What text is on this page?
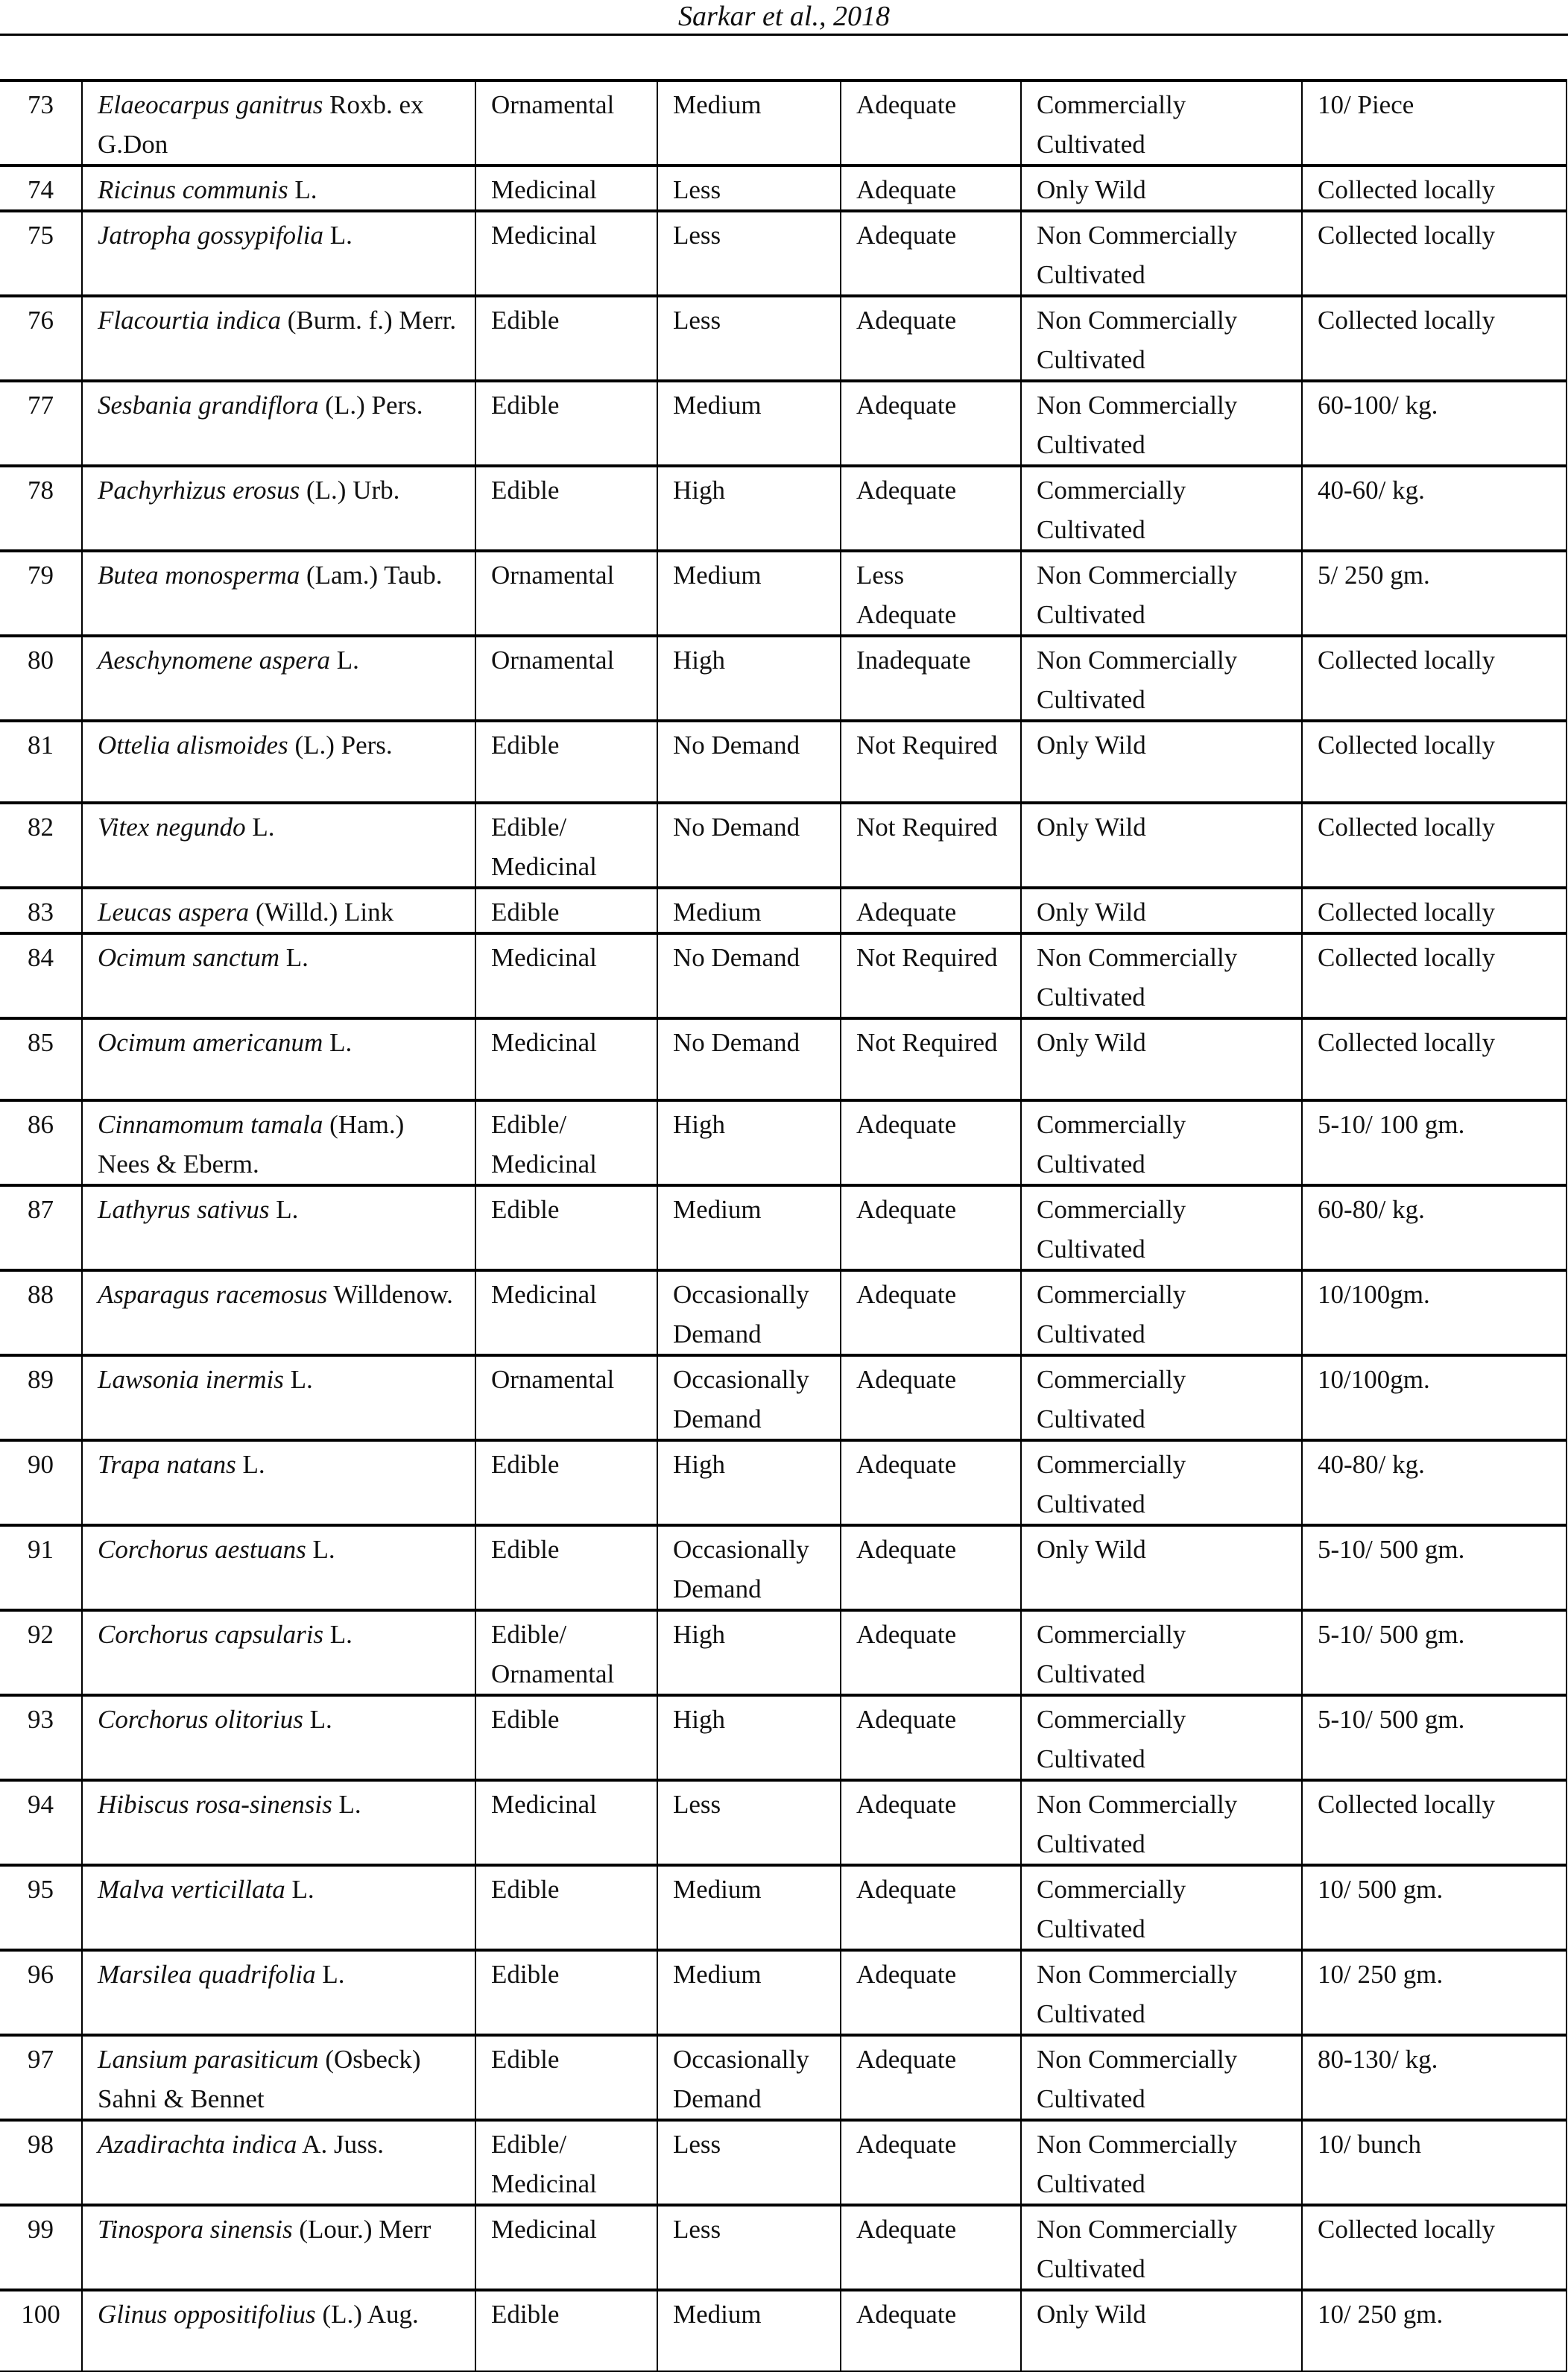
Sarkar et al., 2018
73	Elaeocarpus ganitrus Roxb. ex G.Don	Ornamental	Medium	Adequate	Commercially Cultivated	10/ Piece
74	Ricinus communis L.	Medicinal	Less	Adequate	Only Wild	Collected locally
75	Jatropha gossypifolia L.	Medicinal	Less	Adequate	Non Commercially Cultivated	Collected locally
76	Flacourtia indica (Burm. f.) Merr.	Edible	Less	Adequate	Non Commercially Cultivated	Collected locally
77	Sesbania grandiflora (L.) Pers.	Edible	Medium	Adequate	Non Commercially Cultivated	60-100/ kg.
78	Pachyrhizus erosus (L.) Urb.	Edible	High	Adequate	Commercially Cultivated	40-60/ kg.
79	Butea monosperma (Lam.) Taub.	Ornamental	Medium	Less Adequate	Non Commercially Cultivated	5/ 250 gm.
80	Aeschynomene aspera L.	Ornamental	High	Inadequate	Non Commercially Cultivated	Collected locally
81	Ottelia alismoides (L.) Pers.	Edible	No Demand	Not Required	Only Wild	Collected locally
82	Vitex negundo L.	Edible/ Medicinal	No Demand	Not Required	Only Wild	Collected locally
83	Leucas aspera (Willd.) Link	Edible	Medium	Adequate	Only Wild	Collected locally
84	Ocimum sanctum L.	Medicinal	No Demand	Not Required	Non Commercially Cultivated	Collected locally
85	Ocimum americanum L.	Medicinal	No Demand	Not Required	Only Wild	Collected locally
86	Cinnamomum tamala (Ham.) Nees & Eberm.	Edible/ Medicinal	High	Adequate	Commercially Cultivated	5-10/ 100 gm.
87	Lathyrus sativus L.	Edible	Medium	Adequate	Commercially Cultivated	60-80/ kg.
88	Asparagus racemosus Willdenow.	Medicinal	Occasionally Demand	Adequate	Commercially Cultivated	10/100gm.
89	Lawsonia inermis L.	Ornamental	Occasionally Demand	Adequate	Commercially Cultivated	10/100gm.
90	Trapa natans L.	Edible	High	Adequate	Commercially Cultivated	40-80/ kg.
91	Corchorus aestuans L.	Edible	Occasionally Demand	Adequate	Only Wild	5-10/ 500 gm.
92	Corchorus capsularis L.	Edible/ Ornamental	High	Adequate	Commercially Cultivated	5-10/ 500 gm.
93	Corchorus olitorius L.	Edible	High	Adequate	Commercially Cultivated	5-10/ 500 gm.
94	Hibiscus rosa-sinensis L.	Medicinal	Less	Adequate	Non Commercially Cultivated	Collected locally
95	Malva verticillata L.	Edible	Medium	Adequate	Commercially Cultivated	10/ 500 gm.
96	Marsilea quadrifolia L.	Edible	Medium	Adequate	Non Commercially Cultivated	10/ 250 gm.
97	Lansium parasiticum (Osbeck) Sahni & Bennet	Edible	Occasionally Demand	Adequate	Non Commercially Cultivated	80-130/ kg.
98	Azadirachta indica A. Juss.	Edible/ Medicinal	Less	Adequate	Non Commercially Cultivated	10/ bunch
99	Tinospora sinensis (Lour.) Merr	Medicinal	Less	Adequate	Non Commercially Cultivated	Collected locally
100	Glinus oppositifolius (L.) Aug.	Edible	Medium	Adequate	Only Wild	10/ 250 gm.
